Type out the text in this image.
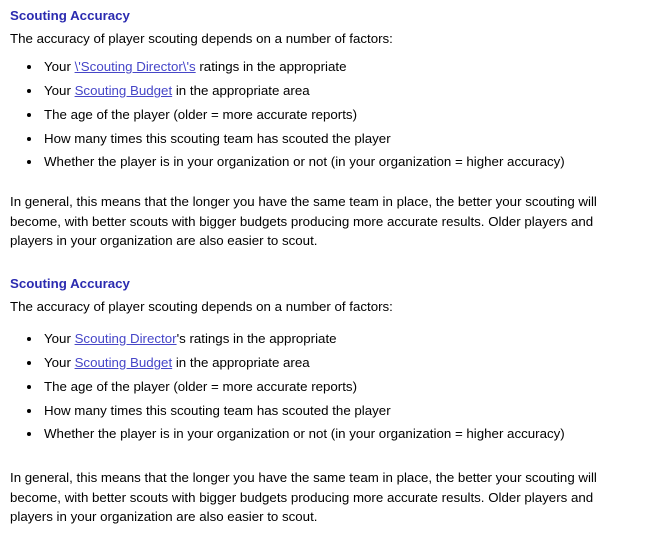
Scouting Accuracy

The accuracy of player scouting depends on a number of factors:

• Your \'Scouting Director\'s ratings in the appropriate
• Your Scouting Budget in the appropriate area
• The age of the player (older = more accurate reports)
• How many times this scouting team has scouted the player
• Whether the player is in your organization or not (in your organization = higher accuracy)

In general, this means that the longer you have the same team in place, the better your scouting will become, with better scouts with bigger budgets producing more accurate results. Older players and players in your organization are also easier to scout.

Scouting Accuracy

The accuracy of player scouting depends on a number of factors:

• Your Scouting Director's ratings in the appropriate
• Your Scouting Budget in the appropriate area
• The age of the player (older = more accurate reports)
• How many times this scouting team has scouted the player
• Whether the player is in your organization or not (in your organization = higher accuracy)

In general, this means that the longer you have the same team in place, the better your scouting will become, with better scouts with bigger budgets producing more accurate results. Older players and players in your organization are also easier to scout.
